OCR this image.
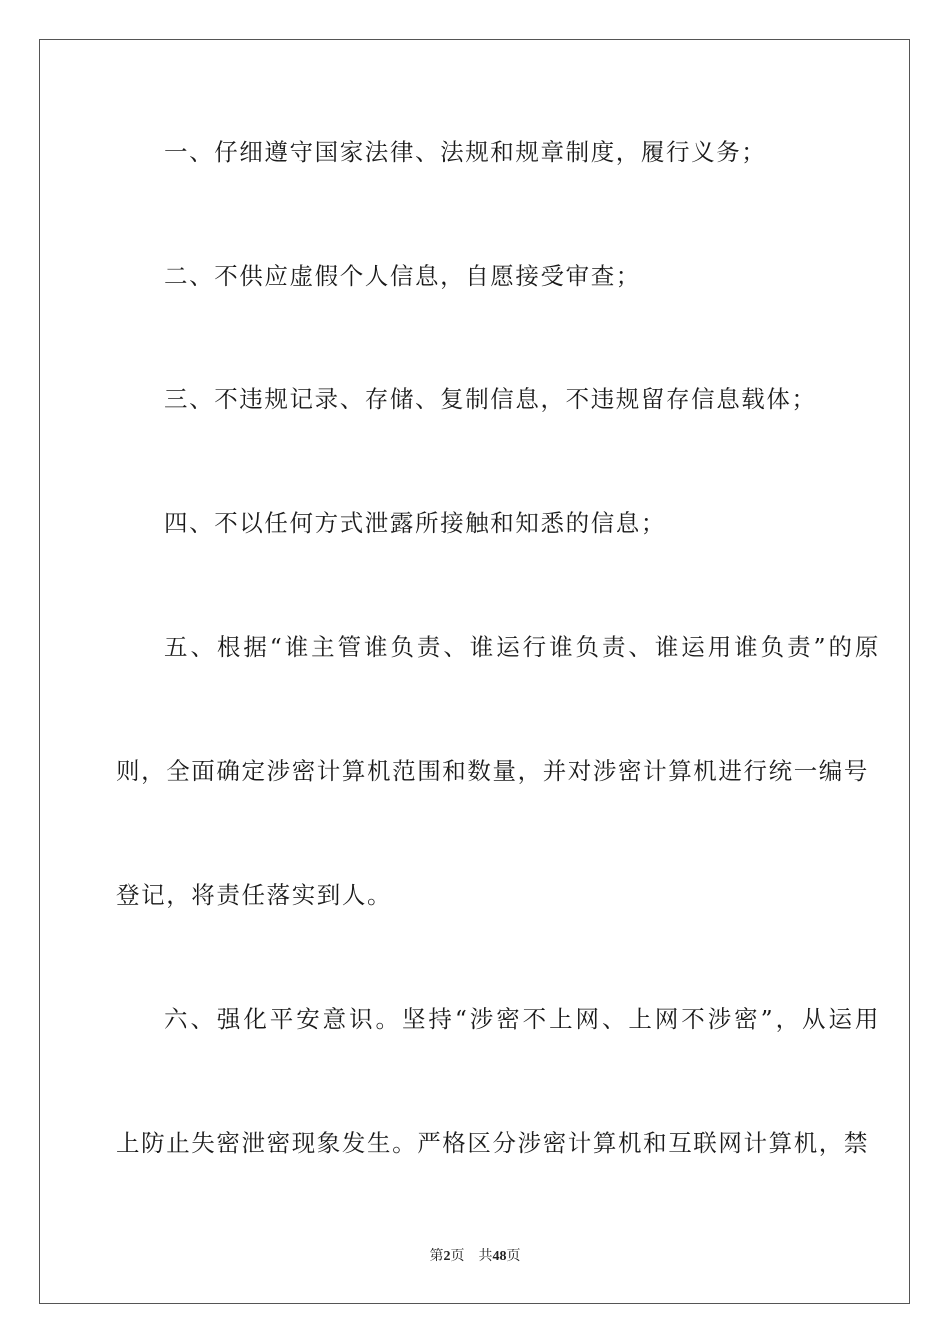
一、仔细遵守国家法律、法规和规章制度，履行义务；
二、不供应虚假个人信息，自愿接受审查；
三、不违规记录、存储、复制信息，不违规留存信息载体；
四、不以任何方式泄露所接触和知悉的信息；
五、根据“谁主管谁负责、谁运行谁负责、谁运用谁负责”的原
则，全面确定涉密计算机范围和数量，并对涉密计算机进行统一编号
登记，将责任落实到人。
六、强化平安意识。坚持“涉密不上网、上网不涉密”，从运用
上防止失密泄密现象发生。严格区分涉密计算机和互联网计算机，禁
第2页 共48页
